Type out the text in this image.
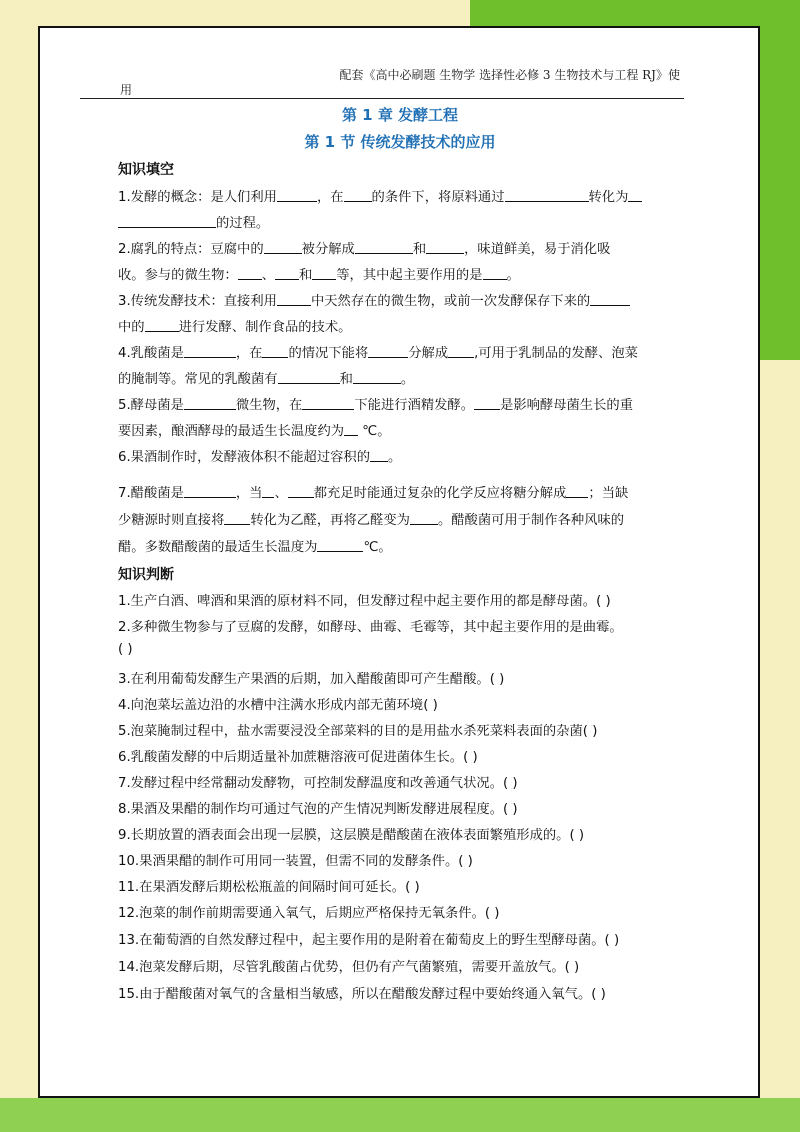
配套《高中必刷题 生物学 选择性必修 3 生物技术与工程 RJ》使
用
第 1 章 发酵工程
第 1 节 传统发酵技术的应用
知识填空
1.发酵的概念：是人们利用	，在 的条件下，将原料通过	转化为
的过程。
2.腐乳的特点：豆腐中的	被分解成	和	，味道鲜美，易于消化吸
收。参与的微生物： 、 和 等，其中起主要作用的是 。
3.传统发酵技术：直接利用	中天然存在的微生物，或前一次发酵保存下来的
中的	进行发酵、制作食品的技术。
4.乳酸菌是	，在 的情况下能将	分解成 ,可用于乳制品的发酵、泡菜
的腌制等。常见的乳酸菌有	和	。
5.酵母菌是	微生物，在	下能进行酒精发酵。 是影响酵母菌生长的重
要因素，酿酒酵母的最适生长温度约为 ℃。
6.果酒制作时，发酵液体积不能超过容积的 。
7.醋酸菌是	，当 、 都充足时能通过复杂的化学反应将糖分解成 ；当缺
少糖源时则直接将 转化为乙醛，再将乙醛变为 。醋酸菌可用于制作各种风味的
醋。多数醋酸菌的最适生长温度为	℃。
知识判断
1.生产白酒、啤酒和果酒的原材料不同，但发酵过程中起主要作用的都是酵母菌。( )
2.多种微生物参与了豆腐的发酵，如酵母、曲霉、毛霉等，其中起主要作用的是曲霉。
( )
3.在利用葡萄发酵生产果酒的后期，加入醋酸菌即可产生醋酸。( )
4.向泡菜坛盖边沿的水槽中注满水形成内部无菌环境( )
5.泡菜腌制过程中，盐水需要浸没全部菜料的目的是用盐水杀死菜料表面的杂菌( )
6.乳酸菌发酵的中后期适量补加蔗糖溶液可促进菌体生长。( )
7.发酵过程中经常翻动发酵物，可控制发酵温度和改善通气状况。( )
8.果酒及果醋的制作均可通过气泡的产生情况判断发酵进展程度。( )
9.长期放置的酒表面会出现一层膜，这层膜是醋酸菌在液体表面繁殖形成的。( )
10.果酒果醋的制作可用同一装置，但需不同的发酵条件。( )
11.在果酒发酵后期松松瓶盖的间隔时间可延长。( )
12.泡菜的制作前期需要通入氧气，后期应严格保持无氧条件。( )
13.在葡萄酒的自然发酵过程中，起主要作用的是附着在葡萄皮上的野生型酵母菌。( )
14.泡菜发酵后期，尽管乳酸菌占优势，但仍有产气菌繁殖，需要开盖放气。( )
15.由于醋酸菌对氧气的含量相当敏感，所以在醋酸发酵过程中要始终通入氧气。( )
